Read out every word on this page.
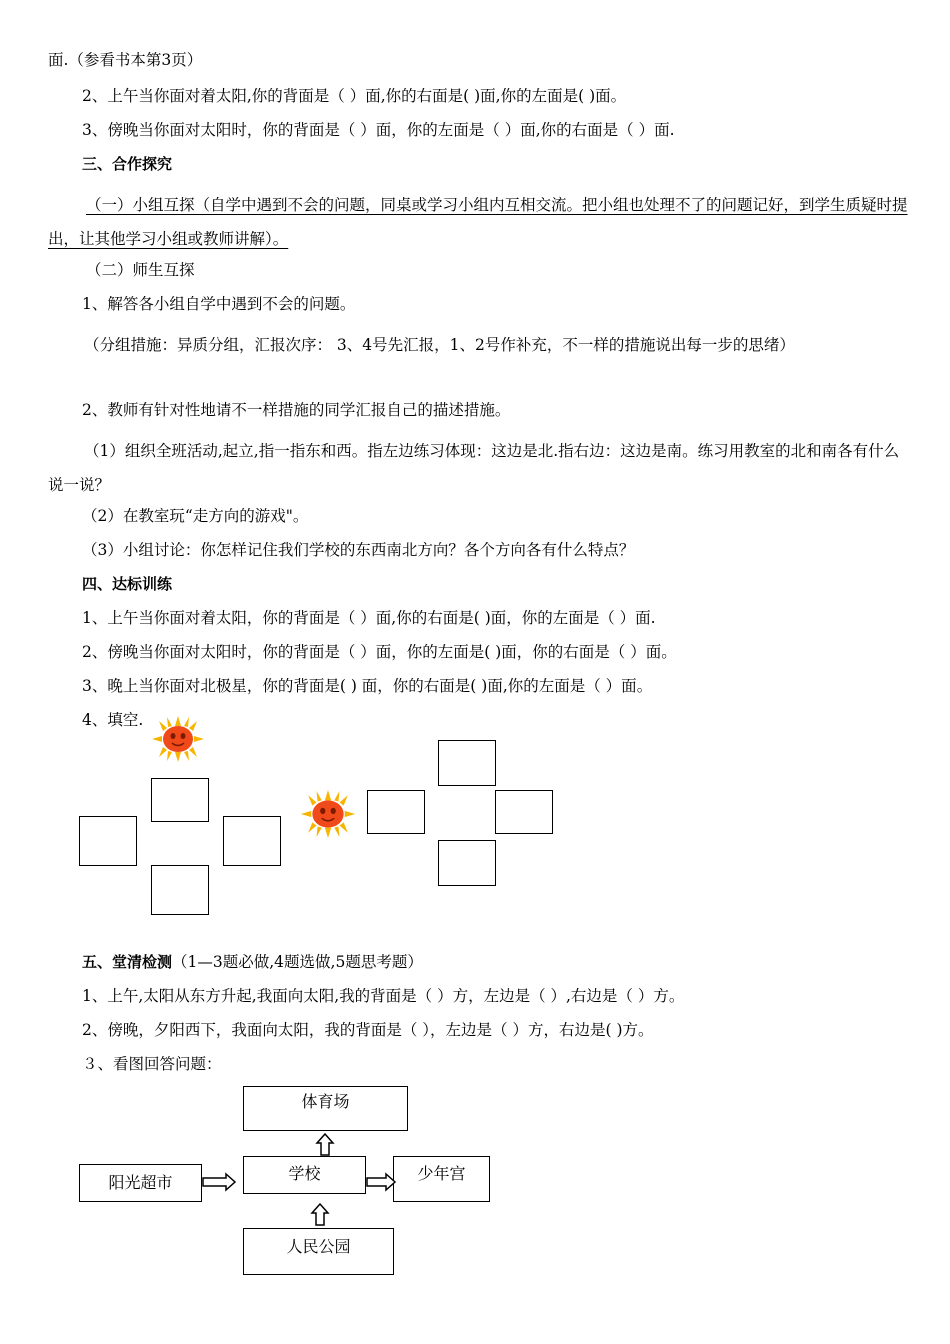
面.（参看书本第3页）
2、上午当你面对着太阳,你的背面是（ ）面,你的右面是( )面,你的左面是( )面。
3、傍晚当你面对太阳时，你的背面是（ ）面，你的左面是（ ）面,你的右面是（ ）面.
三、合作探究
（一）小组互探（自学中遇到不会的问题，同桌或学习小组内互相交流。把小组也处理不了的问题记好，到学生质疑时提出，让其他学习小组或教师讲解）。
（二）师生互探
1、解答各小组自学中遇到不会的问题。
（分组措施：异质分组，汇报次序： 3、4号先汇报，1、2号作补充，不一样的措施说出每一步的思绪）
2、教师有针对性地请不一样措施的同学汇报自己的描述措施。
（1）组织全班活动,起立,指一指东和西。指左边练习体现：这边是北.指右边：这边是南。练习用教室的北和南各有什么说一说？
（2）在教室玩“走方向的游戏"。
（3）小组讨论：你怎样记住我们学校的东西南北方向？各个方向各有什么特点？
四、达标训练
1、上午当你面对着太阳，你的背面是（ ）面,你的右面是( )面，你的左面是（ ）面.
2、傍晚当你面对太阳时，你的背面是（ ）面，你的左面是( )面，你的右面是（ ）面。
3、晚上当你面对北极星，你的背面是( ) 面，你的右面是( )面,你的左面是（ ）面。
4、填空.
五、堂清检测（1—3题必做,4题选做,5题思考题）
1、上午,太阳从东方升起,我面向太阳,我的背面是（ ）方，左边是（ ）,右边是（ ）方。
2、傍晚，夕阳西下，我面向太阳，我的背面是（ ），左边是（ ）方，右边是( )方。
３、看图回答问题：
体育场
学校
阳光超市	少年宫
人民公园
